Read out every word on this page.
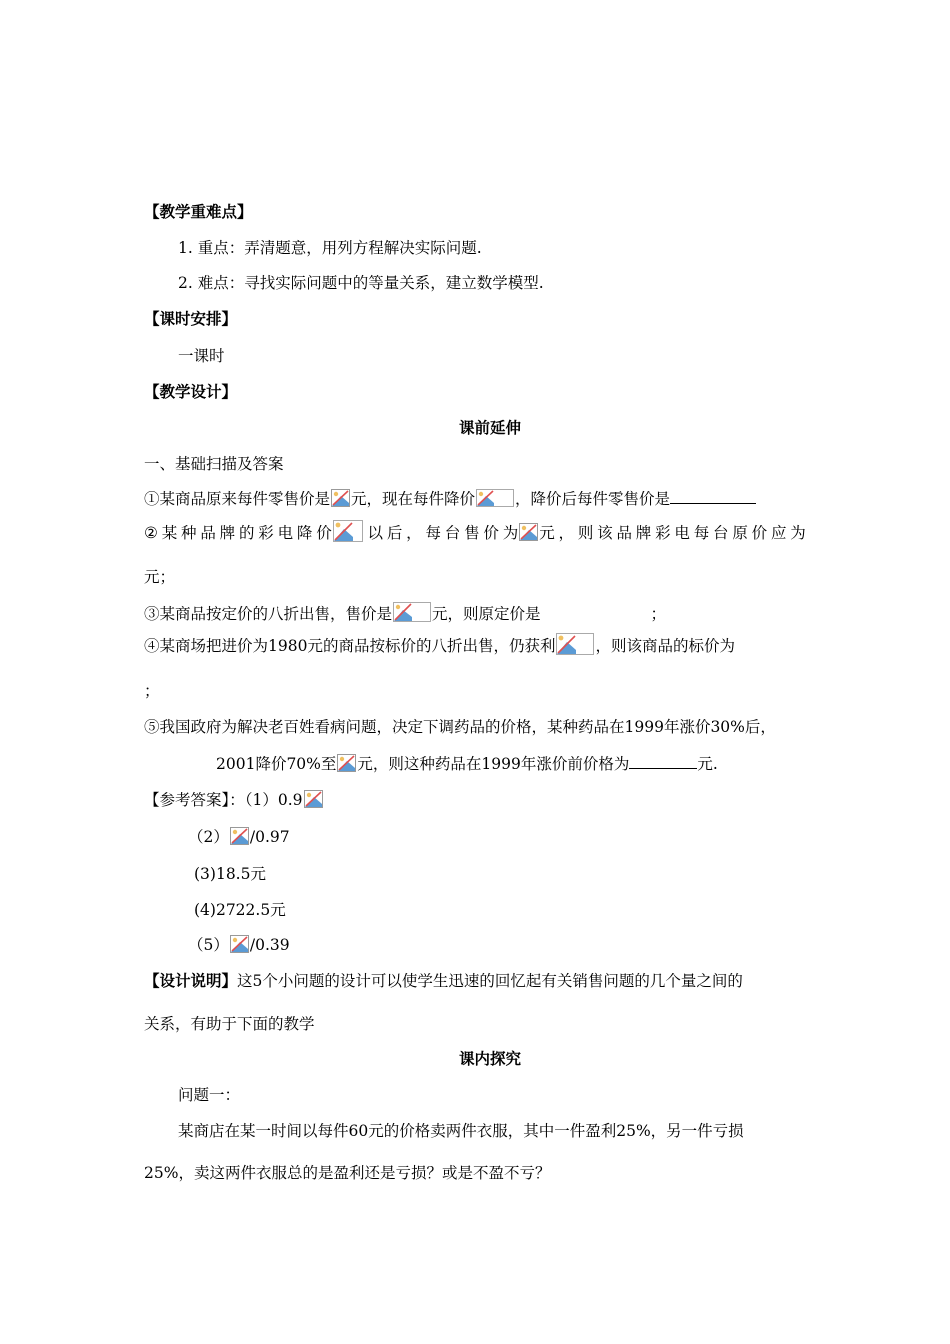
【教学重难点】
1. 重点：弄清题意，用列方程解决实际问题.
2. 难点：寻找实际问题中的等量关系，建立数学模型.
【课时安排】
一课时
【教学设计】
课前延伸
一、基础扫描及答案
①某商品原来每件零售价是 元，现在每件降价	，降价后每件零售价是
② 某 种 品 牌 的 彩 电 降 价	以 后 ， 每 台 售 价 为 元 ， 则 该 品 牌 彩 电 每 台 原 价 应 为
元；
③某商品按定价的八折出售，售价是	元，则原定价是	；
④某商场把进价为1980元的商品按标价的八折出售，仍获利	，则该商品的标价为
；
⑤我国政府为解决老百姓看病问题，决定下调药品的价格，某种药品在1999年涨价30%后，
2001降价70%至 元，则这种药品在1999年涨价前价格为	元.
【参考答案】：（1）0.9
（2） /0.97
(3)18.5元
(4)2722.5元
（5） /0.39
【设计说明】这5个小问题的设计可以使学生迅速的回忆起有关销售问题的几个量之间的
关系，有助于下面的教学
课内探究
问题一：
某商店在某一时间以每件60元的价格卖两件衣服，其中一件盈利25%，另一件亏损
25%，卖这两件衣服总的是盈利还是亏损？或是不盈不亏？
